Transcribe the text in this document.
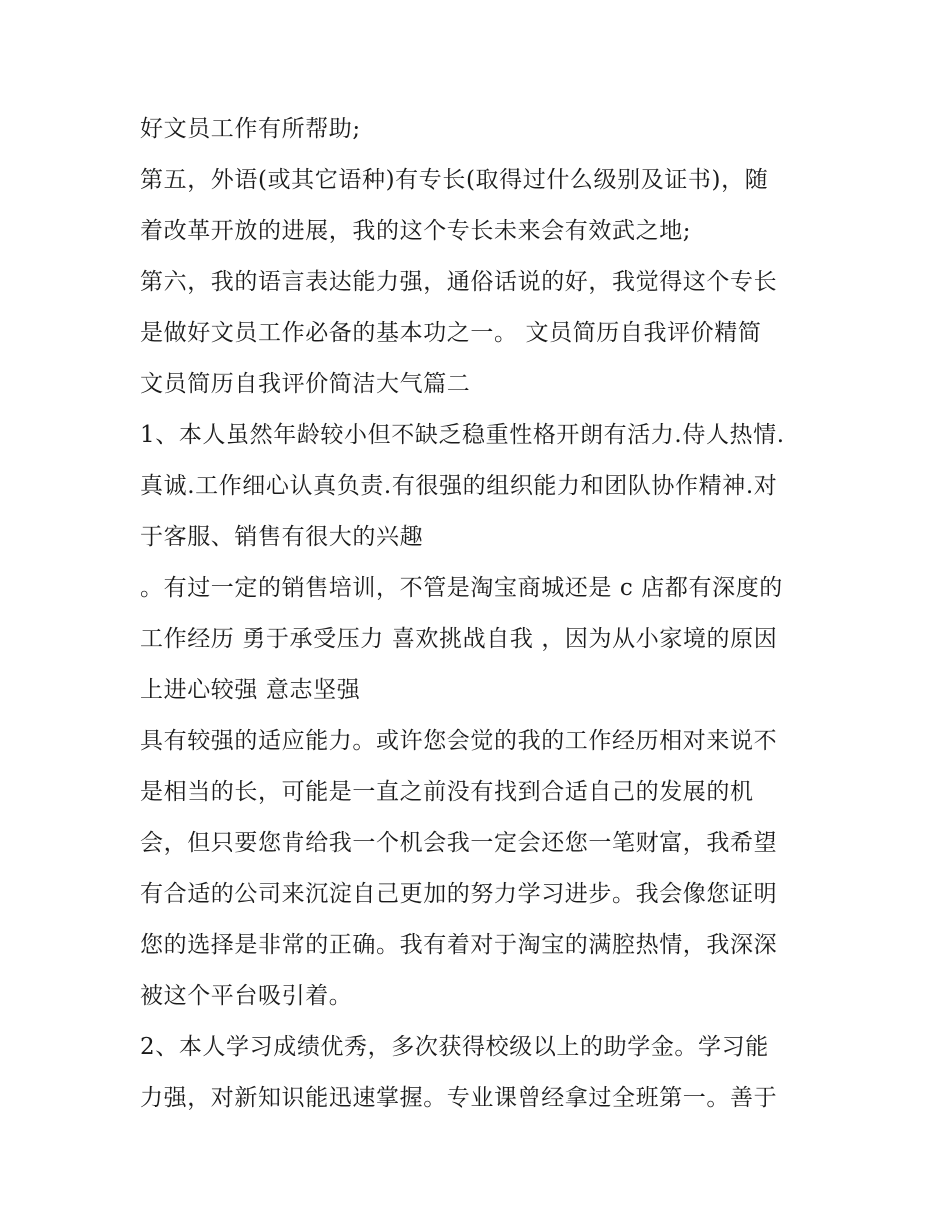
好文员工作有所帮助;
第五，外语(或其它语种)有专长(取得过什么级别及证书)，随
着改革开放的进展，我的这个专长未来会有效武之地;
第六，我的语言表达能力强，通俗话说的好，我觉得这个专长
是做好文员工作必备的基本功之一。 文员简历自我评价精简
文员简历自我评价简洁大气篇二
1、本人虽然年龄较小但不缺乏稳重性格开朗有活力.侍人热情.
真诚.工作细心认真负责.有很强的组织能力和团队协作精神.对
于客服、销售有很大的兴趣
。有过一定的销售培训，不管是淘宝商城还是 c 店都有深度的
工作经历 勇于承受压力 喜欢挑战自我 ，因为从小家境的原因
上进心较强 意志坚强
具有较强的适应能力。或许您会觉的我的工作经历相对来说不
是相当的长，可能是一直之前没有找到合适自己的发展的机
会，但只要您肯给我一个机会我一定会还您一笔财富，我希望
有合适的公司来沉淀自己更加的努力学习进步。我会像您证明
您的选择是非常的正确。我有着对于淘宝的满腔热情，我深深
被这个平台吸引着。
2、本人学习成绩优秀，多次获得校级以上的助学金。学习能
力强，对新知识能迅速掌握。专业课曾经拿过全班第一。善于
